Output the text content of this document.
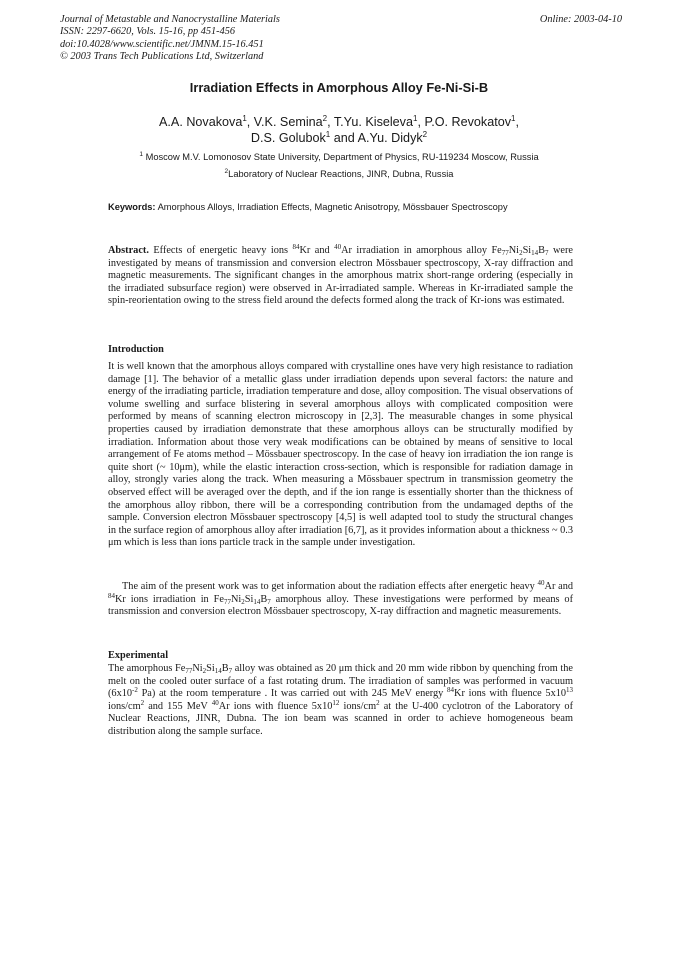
Journal of Metastable and Nanocrystalline Materials
ISSN: 2297-6620, Vols. 15-16, pp 451-456
doi:10.4028/www.scientific.net/JMNM.15-16.451
© 2003 Trans Tech Publications Ltd, Switzerland
Online: 2003-04-10
Irradiation Effects in Amorphous Alloy Fe-Ni-Si-B
A.A. Novakova$^1$, V.K. Semina$^2$, T.Yu. Kiseleva$^1$, P.O. Revokatov$^1$,
D.S. Golubok$^1$ and A.Yu. Didyk$^2$
$^1$ Moscow M.V. Lomonosov State University, Department of Physics, RU-119234 Moscow, Russia
$^2$Laboratory of Nuclear Reactions, JINR, Dubna, Russia
Keywords: Amorphous Alloys, Irradiation Effects, Magnetic Anisotropy, Mössbauer Spectroscopy
Abstract. Effects of energetic heavy ions $^{84}$Kr and $^{40}$Ar irradiation in amorphous alloy $Fe_{77}Ni_2Si_{14}B_7$ were investigated by means of transmission and conversion electron Mössbauer spectroscopy, X-ray diffraction and magnetic measurements. The significant changes in the amorphous matrix short-range ordering (especially in the irradiated subsurface region) were observed in Ar-irradiated sample. Whereas in Kr-irradiated sample the spin-reorientation owing to the stress field around the defects formed along the track of Kr-ions was estimated.
Introduction
It is well known that the amorphous alloys compared with crystalline ones have very high resistance to radiation damage [1]. The behavior of a metallic glass under irradiation depends upon several factors: the nature and energy of the irradiating particle, irradiation temperature and dose, alloy composition. The visual observations of volume swelling and surface blistering in several amorphous alloys with complicated composition were performed by means of scanning electron microscopy in [2,3]. The measurable changes in some physical properties caused by irradiation demonstrate that these amorphous alloys can be structurally modified by irradiation. Information about those very weak modifications can be obtained by means of sensitive to local arrangement of Fe atoms method – Mössbauer spectroscopy. In the case of heavy ion irradiation the ion range is quite short (~ 10μm), while the elastic interaction cross-section, which is responsible for radiation damage in alloy, strongly varies along the track. When measuring a Mössbauer spectrum in transmission geometry the observed effect will be averaged over the depth, and if the ion range is essentially shorter than the thickness of the amorphous alloy ribbon, there will be a corresponding contribution from the undamaged depths of the sample. Conversion electron Mössbauer spectroscopy [4,5] is well adapted tool to study the structural changes in the surface region of amorphous alloy after irradiation [6,7], as it provides information about a thickness ~ 0.3 μm which is less than ions particle track in the sample under investigation.
The aim of the present work was to get information about the radiation effects after energetic heavy $^{40}$Ar and $^{84}$Kr ions irradiation in $Fe_{77}Ni_2Si_{14}B_7$ amorphous alloy. These investigations were performed by means of transmission and conversion electron Mössbauer spectroscopy, X-ray diffraction and magnetic measurements.
Experimental
The amorphous $Fe_{77}Ni_2Si_{14}B_7$ alloy was obtained as 20 μm thick and 20 mm wide ribbon by quenching from the melt on the cooled outer surface of a fast rotating drum. The irradiation of samples was performed in vacuum ($6x10^{-2}$ Pa) at the room temperature . It was carried out with 245 MeV energy $^{84}$Kr ions with fluence $5x10^{13}$ ions/$cm^2$ and 155 MeV $^{40}$Ar ions with fluence $5x10^{12}$ ions/$cm^2$ at the U-400 cyclotron of the Laboratory of Nuclear Reactions, JINR, Dubna. The ion beam was scanned in order to achieve homogeneous beam distribution along the sample surface.
